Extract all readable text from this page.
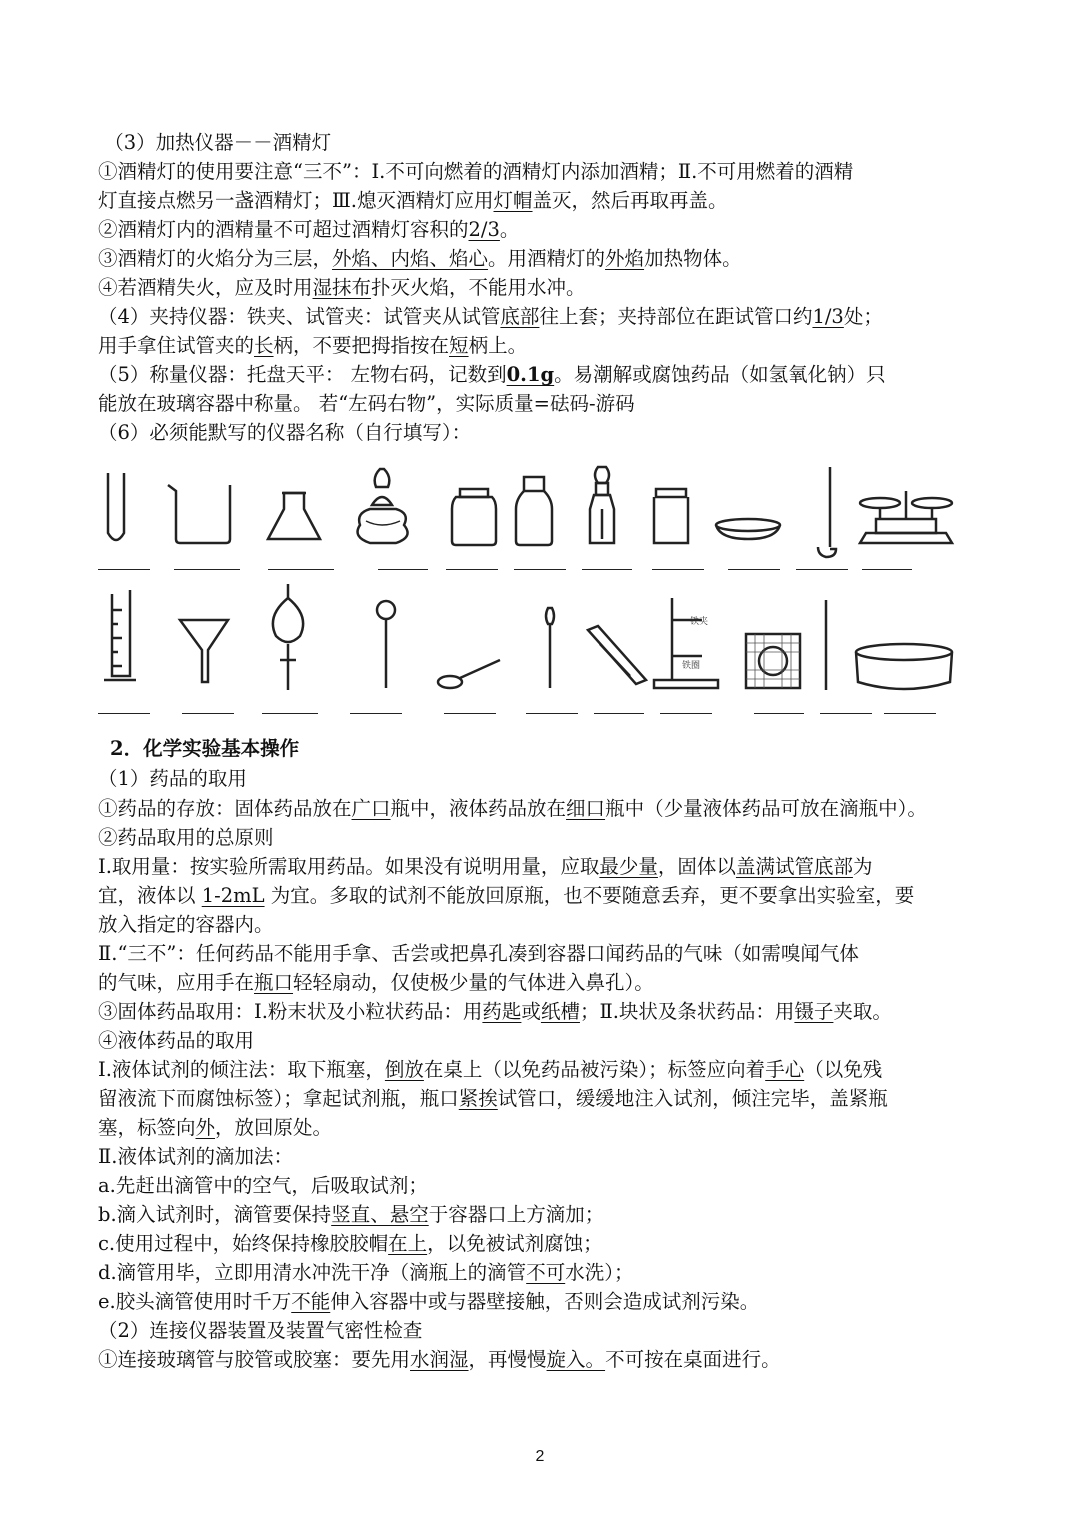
（3）加热仪器－－酒精灯
①酒精灯的使用要注意“三不”：Ⅰ.不可向燃着的酒精灯内添加酒精；Ⅱ.不可用燃着的酒精
灯直接点燃另一盏酒精灯；Ⅲ.熄灭酒精灯应用灯帽盖灭，然后再取再盖。
②酒精灯内的酒精量不可超过酒精灯容积的2/3。
③酒精灯的火焰分为三层，外焰、内焰、焰心。用酒精灯的外焰加热物体。
④若酒精失火，应及时用湿抹布扑灭火焰，不能用水冲。
（4）夹持仪器：铁夹、试管夹：试管夹从试管底部往上套；夹持部位在距试管口约1/3处；
用手拿住试管夹的长柄，不要把拇指按在短柄上。
（5）称量仪器：托盘天平： 左物右码，记数到0.1g。易潮解或腐蚀药品（如氢氧化钠）只
能放在玻璃容器中称量。 若“左码右物”，实际质量=砝码-游码
（6）必须能默写的仪器名称（自行填写）：
铁夹
铁圈
2．化学实验基本操作
（1）药品的取用
①药品的存放：固体药品放在广口瓶中，液体药品放在细口瓶中（少量液体药品可放在滴瓶中）。
②药品取用的总原则
Ⅰ.取用量：按实验所需取用药品。如果没有说明用量，应取最少量，固体以盖满试管底部为
宜，液体以 1-2mL 为宜。多取的试剂不能放回原瓶，也不要随意丢弃，更不要拿出实验室，要
放入指定的容器内。
Ⅱ.“三不”：任何药品不能用手拿、舌尝或把鼻孔凑到容器口闻药品的气味（如需嗅闻气体
的气味，应用手在瓶口轻轻扇动，仅使极少量的气体进入鼻孔）。
③固体药品取用：Ⅰ.粉末状及小粒状药品：用药匙或纸槽；Ⅱ.块状及条状药品：用镊子夹取。
④液体药品的取用
Ⅰ.液体试剂的倾注法：取下瓶塞，倒放在桌上（以免药品被污染）；标签应向着手心（以免残
留液流下而腐蚀标签）；拿起试剂瓶，瓶口紧挨试管口，缓缓地注入试剂，倾注完毕，盖紧瓶
塞，标签向外，放回原处。
Ⅱ.液体试剂的滴加法：
a.先赶出滴管中的空气，后吸取试剂；
b.滴入试剂时，滴管要保持竖直、悬空于容器口上方滴加；
c.使用过程中，始终保持橡胶胶帽在上，以免被试剂腐蚀；
d.滴管用毕，立即用清水冲洗干净（滴瓶上的滴管不可水洗）；
e.胶头滴管使用时千万不能伸入容器中或与器壁接触，否则会造成试剂污染。
（2）连接仪器装置及装置气密性检查
①连接玻璃管与胶管或胶塞：要先用水润湿，再慢慢旋入。不可按在桌面进行。
2
